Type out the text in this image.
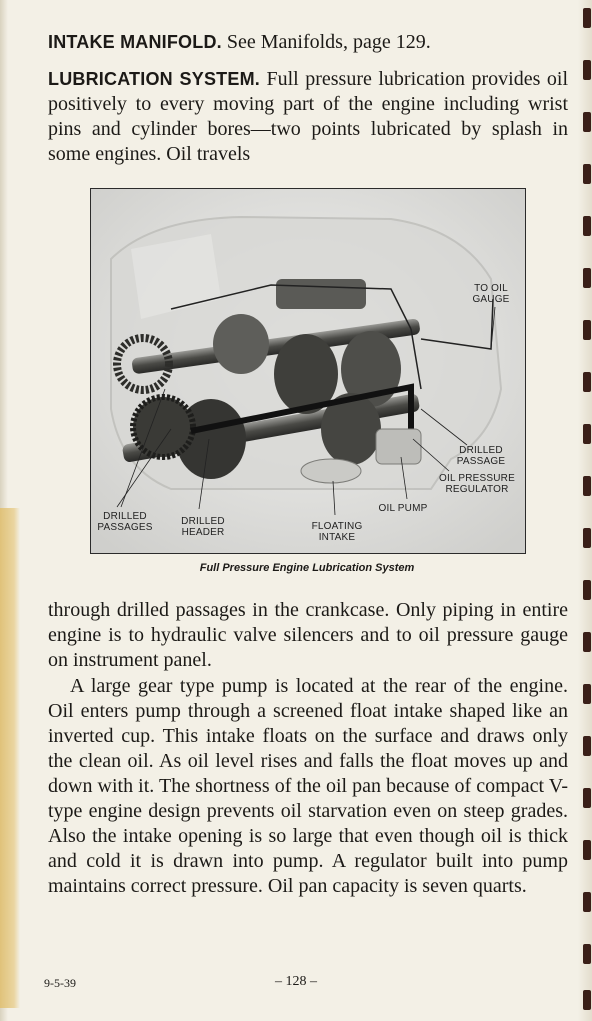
INTAKE MANIFOLD. See Manifolds, page 129.

LUBRICATION SYSTEM. Full pressure lubrication provides oil positively to every moving part of the engine including wrist pins and cylinder bores—two points lubricated by splash in some engines. Oil travels

TO OIL
GAUGE
DRILLED
PASSAGE
OIL PRESSURE
REGULATOR
OIL PUMP
DRILLED
PASSAGES
DRILLED
HEADER
FLOATING
INTAKE
Full Pressure Engine Lubrication System

through drilled passages in the crankcase. Only piping in entire engine is to hydraulic valve silencers and to oil pressure gauge on instrument panel.

A large gear type pump is located at the rear of the engine. Oil enters pump through a screened float intake shaped like an inverted cup. This intake floats on the surface and draws only the clean oil. As oil level rises and falls the float moves up and down with it. The shortness of the oil pan because of compact V-type engine design prevents oil starvation even on steep grades. Also the intake opening is so large that even though oil is thick and cold it is drawn into pump. A regulator built into pump maintains correct pressure. Oil pan capacity is seven quarts.

9-5-39	– 128 –
